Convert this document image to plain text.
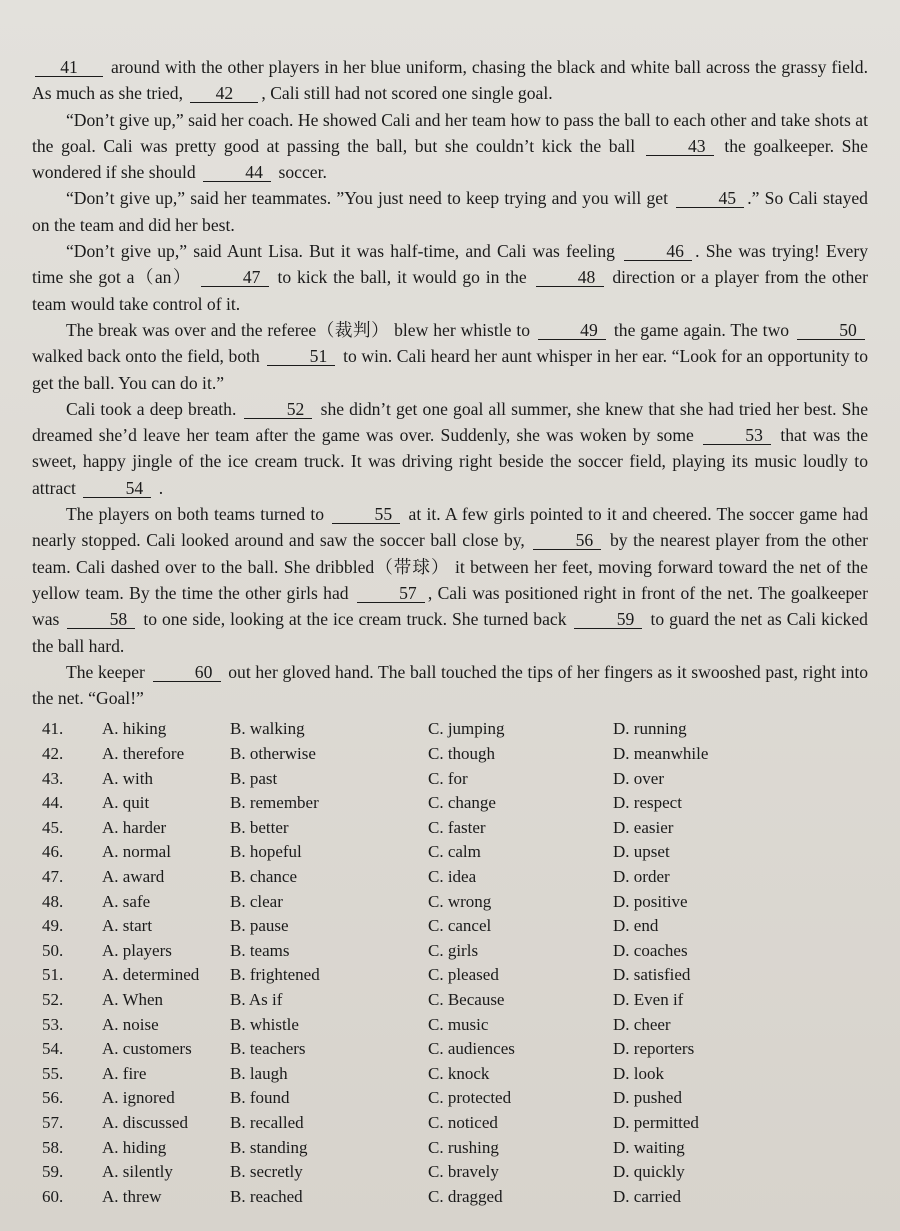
41 around with the other players in her blue uniform, chasing the black and white ball across the grassy field. As much as she tried, 42 , Cali still had not scored one single goal.

“Don’t give up,” said her coach. He showed Cali and her team how to pass the ball to each other and take shots at the goal. Cali was pretty good at passing the ball, but she couldn’t kick the ball	43 the goalkeeper. She wondered if she should	44 soccer.

“Don’t give up,” said her teammates. ”You just need to keep trying and you will get	45 .” So Cali stayed on the team and did her best.

“Don’t give up,” said Aunt Lisa. But it was half-time, and Cali was feeling	46 . She was trying! Every time she got a（an）	47 to kick the ball, it would go in the	48 direction or a player from the other team would take control of it.

The break was over and the referee（裁判） blew her whistle to	49 the game again. The two	50 walked back onto the field, both	51 to win. Cali heard her aunt whisper in her ear. “Look for an opportunity to get the ball. You can do it.”

Cali took a deep breath.	52 she didn’t get one goal all summer, she knew that she had tried her best. She dreamed she’d leave her team after the game was over. Suddenly, she was woken by some	53 that was the sweet, happy jingle of the ice cream truck. It was driving right beside the soccer field, playing its music loudly to attract	54 .

The players on both teams turned to	55 at it. A few girls pointed to it and cheered. The soccer game had nearly stopped. Cali looked around and saw the soccer ball close by,	56 by the nearest player from the other team. Cali dashed over to the ball. She dribbled（带球） it between her feet, moving forward toward the net of the yellow team. By the time the other girls had	57 , Cali was positioned right in front of the net. The goalkeeper was	58 to one side, looking at the ice cream truck. She turned back	59 to guard the net as Cali kicked the ball hard.

The keeper	60 out her gloved hand. The ball touched the tips of her fingers as it swooshed past, right into the net. “Goal!”

41.	A. hiking	B. walking	C. jumping	D. running
42.	A. therefore	B. otherwise	C. though	D. meanwhile
43.	A. with	B. past	C. for	D. over
44.	A. quit	B. remember	C. change	D. respect
45.	A. harder	B. better	C. faster	D. easier
46.	A. normal	B. hopeful	C. calm	D. upset
47.	A. award	B. chance	C. idea	D. order
48.	A. safe	B. clear	C. wrong	D. positive
49.	A. start	B. pause	C. cancel	D. end
50.	A. players	B. teams	C. girls	D. coaches
51.	A. determined	B. frightened	C. pleased	D. satisfied
52.	A. When	B. As if	C. Because	D. Even if
53.	A. noise	B. whistle	C. music	D. cheer
54.	A. customers	B. teachers	C. audiences	D. reporters
55.	A. fire	B. laugh	C. knock	D. look
56.	A. ignored	B. found	C. protected	D. pushed
57.	A. discussed	B. recalled	C. noticed	D. permitted
58.	A. hiding	B. standing	C. rushing	D. waiting
59.	A. silently	B. secretly	C. bravely	D. quickly
60.	A. threw	B. reached	C. dragged	D. carried
